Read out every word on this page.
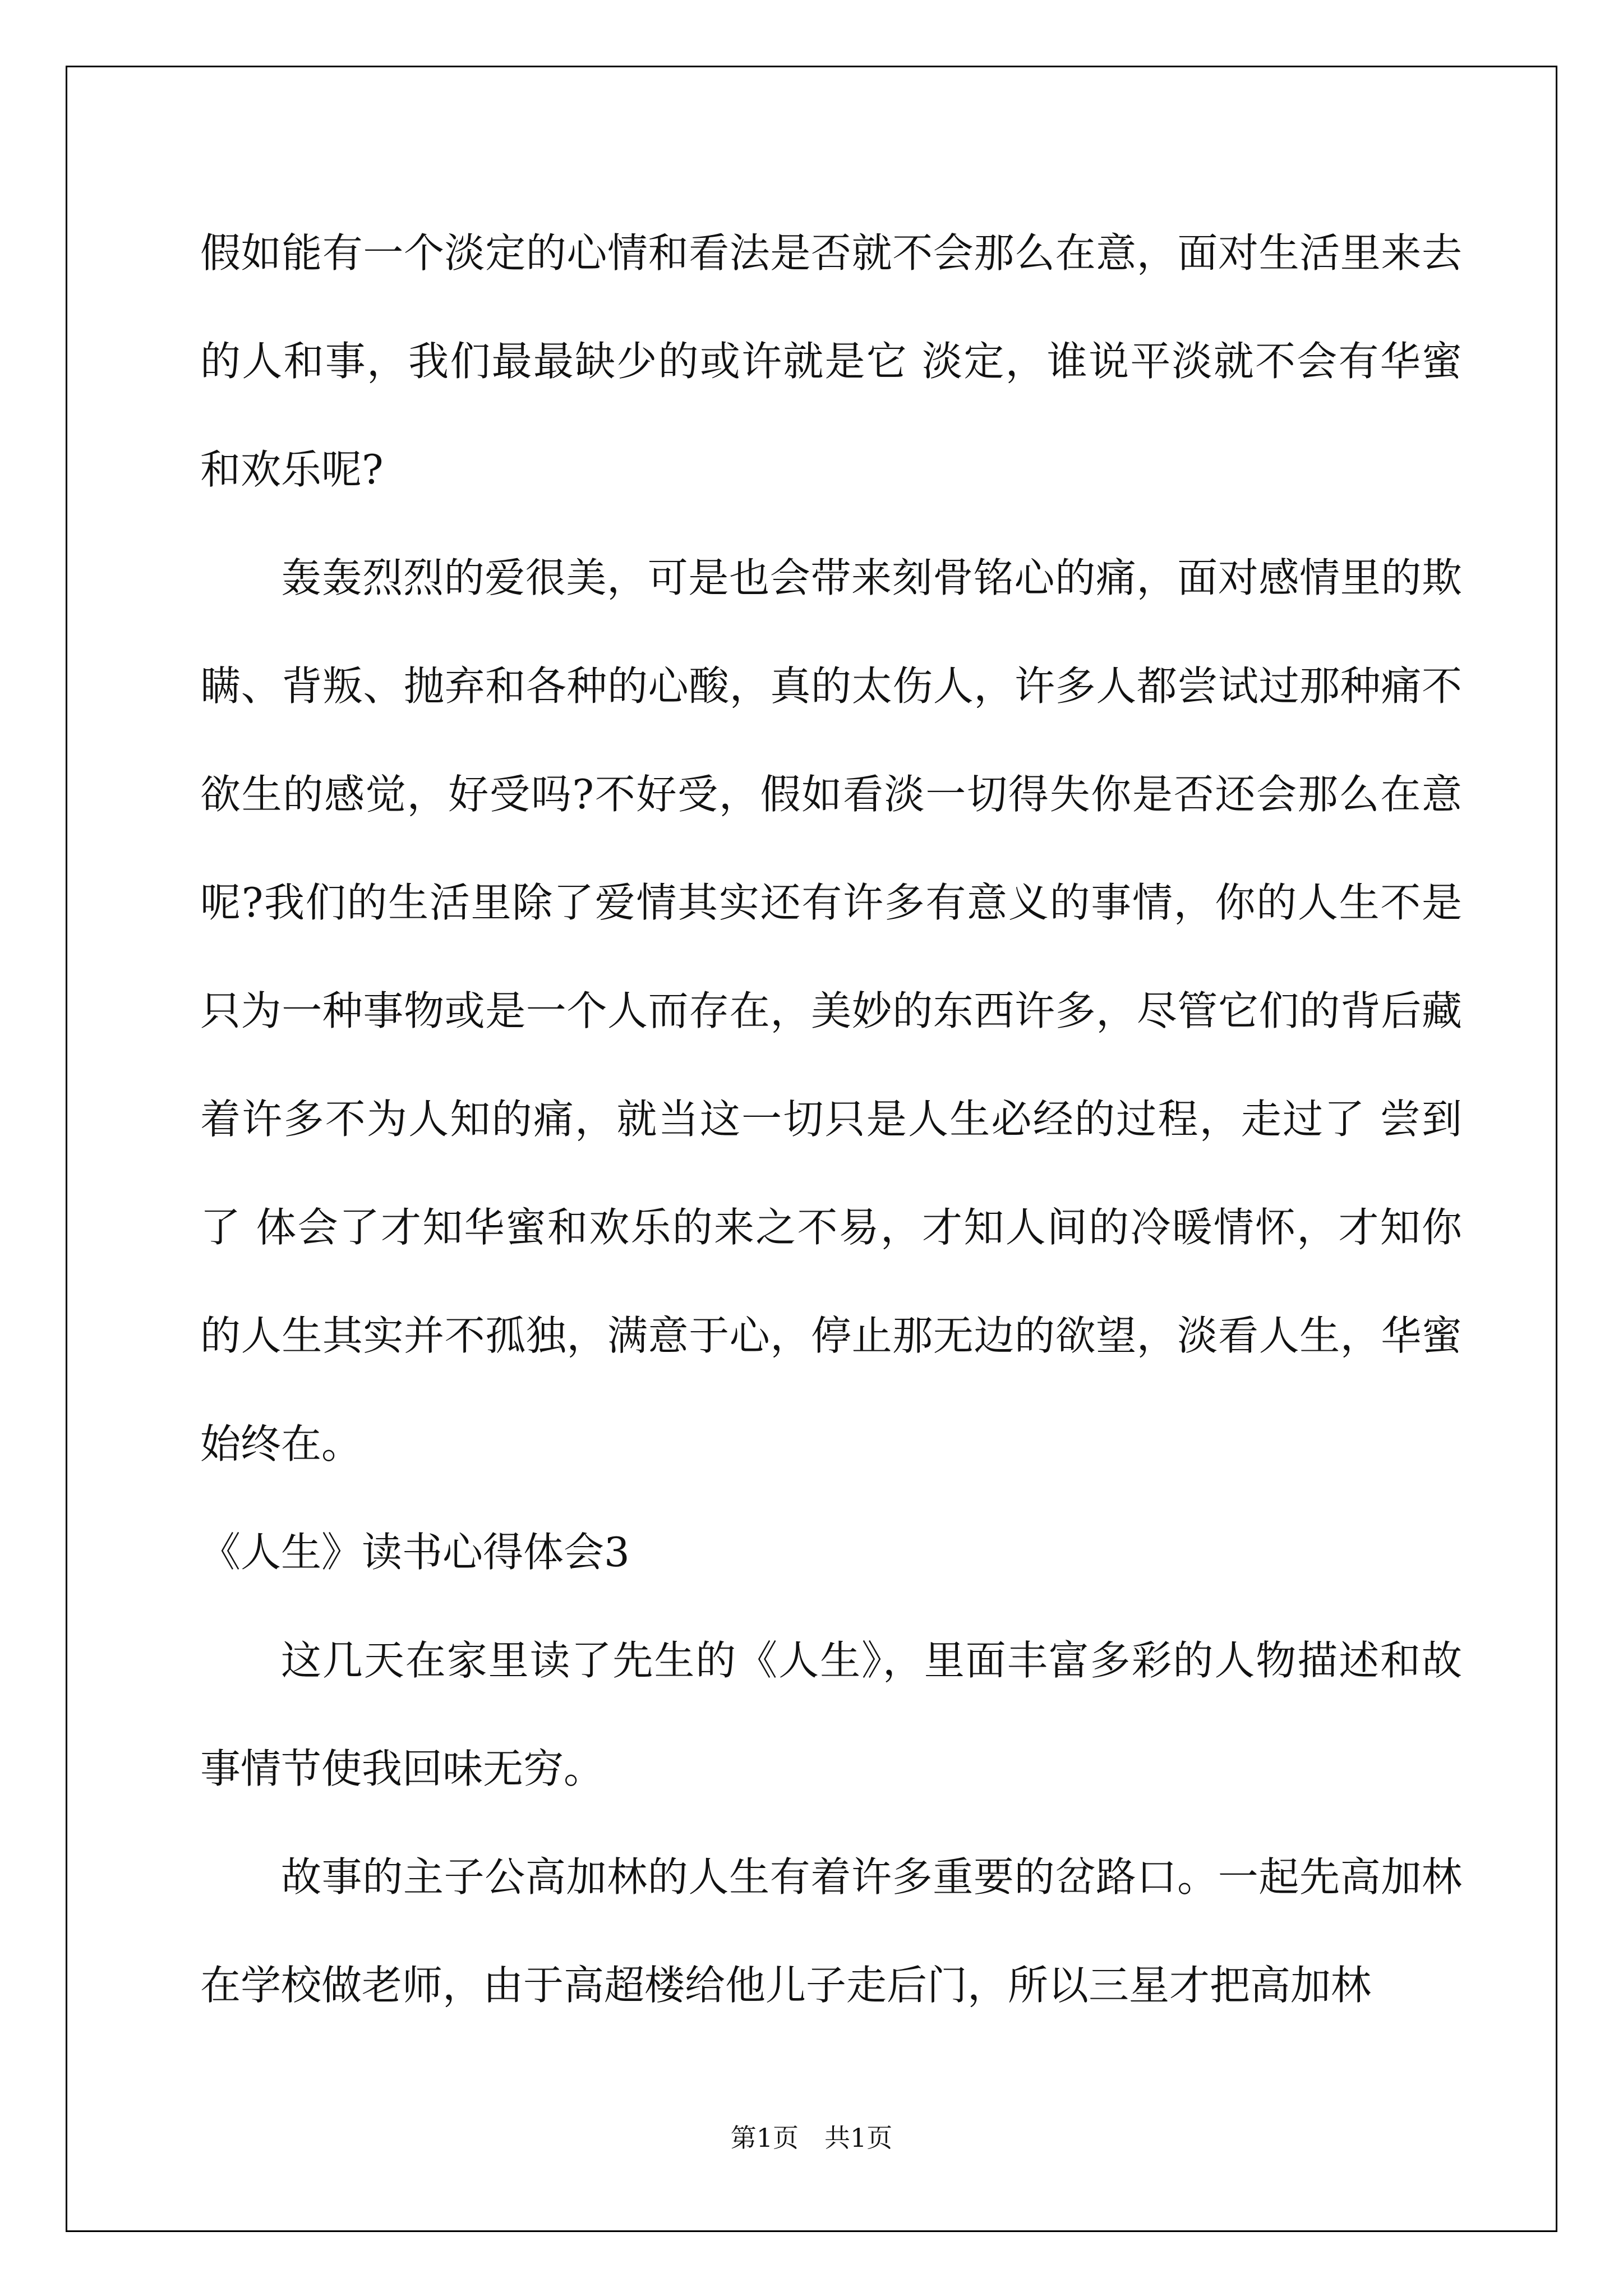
假如能有一个淡定的心情和看法是否就不会那么在意，面对生活里来去的人和事，我们最最缺少的或许就是它 淡定，谁说平淡就不会有华蜜和欢乐呢?

轰轰烈烈的爱很美，可是也会带来刻骨铭心的痛，面对感情里的欺瞒、背叛、抛弃和各种的心酸，真的太伤人，许多人都尝试过那种痛不欲生的感觉，好受吗?不好受，假如看淡一切得失你是否还会那么在意呢?我们的生活里除了爱情其实还有许多有意义的事情，你的人生不是只为一种事物或是一个人而存在，美妙的东西许多，尽管它们的背后藏着许多不为人知的痛，就当这一切只是人生必经的过程，走过了 尝到了 体会了才知华蜜和欢乐的来之不易，才知人间的冷暖情怀，才知你的人生其实并不孤独，满意于心，停止那无边的欲望，淡看人生，华蜜始终在。

《人生》读书心得体会3

这几天在家里读了先生的《人生》，里面丰富多彩的人物描述和故事情节使我回味无穷。

故事的主子公高加林的人生有着许多重要的岔路口。一起先高加林在学校做老师，由于高超楼给他儿子走后门，所以三星才把高加林

第1页　共1页
